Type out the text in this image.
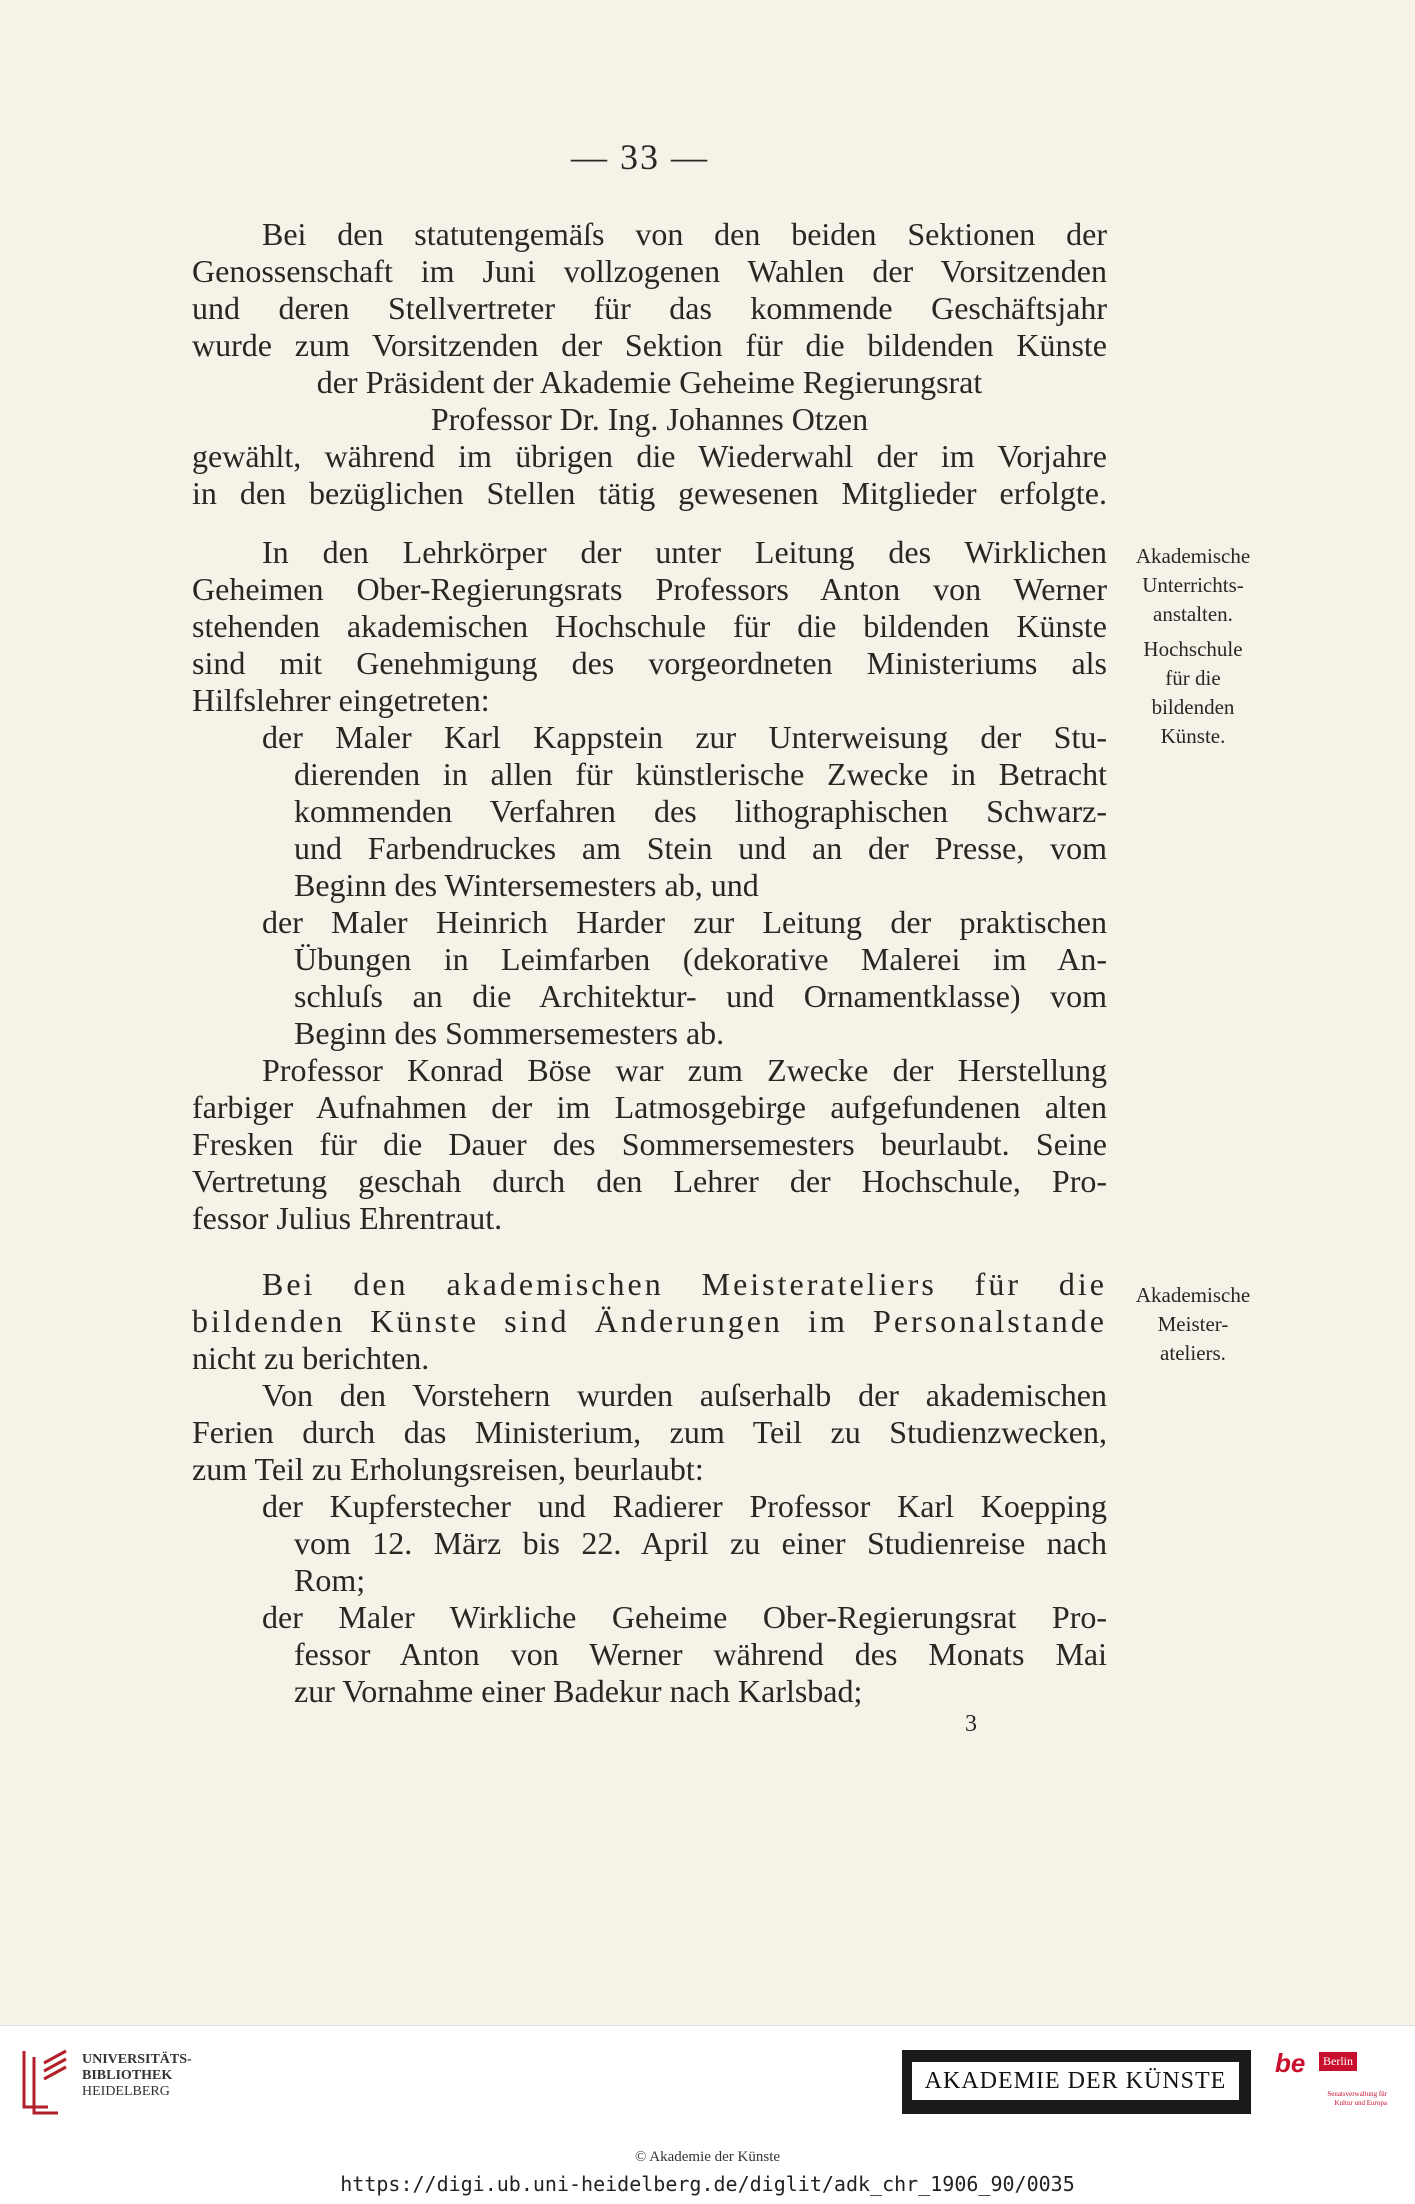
— 33 —
Bei den statutengemäſs von den beiden Sektionen der
Genossenschaft im Juni vollzogenen Wahlen der Vorsitzenden
und deren Stellvertreter für das kommende Geschäftsjahr
wurde zum Vorsitzenden der Sektion für die bildenden Künste
der Präsident der Akademie Geheime Regierungsrat
Professor Dr. Ing. Johannes Otzen
gewählt, während im übrigen die Wiederwahl der im Vorjahre
in den bezüglichen Stellen tätig gewesenen Mitglieder erfolgte.
In den Lehrkörper der unter Leitung des Wirklichen
Geheimen Ober-Regierungsrats Professors Anton von Werner
stehenden akademischen Hochschule für die bildenden Künste
sind mit Genehmigung des vorgeordneten Ministeriums als
Hilfslehrer eingetreten:
der Maler Karl Kappstein zur Unterweisung der Stu-
dierenden in allen für künstlerische Zwecke in Betracht
kommenden Verfahren des lithographischen Schwarz-
und Farbendruckes am Stein und an der Presse, vom
Beginn des Wintersemesters ab, und
der Maler Heinrich Harder zur Leitung der praktischen
Übungen in Leimfarben (dekorative Malerei im An-
schluſs an die Architektur- und Ornamentklasse) vom
Beginn des Sommersemesters ab.
Professor Konrad Böse war zum Zwecke der Herstellung
farbiger Aufnahmen der im Latmosgebirge aufgefundenen alten
Fresken für die Dauer des Sommersemesters beurlaubt. Seine
Vertretung geschah durch den Lehrer der Hochschule, Pro-
fessor Julius Ehrentraut.
Bei den akademischen Meisterateliers für die
bildenden Künste sind Änderungen im Personalstande
nicht zu berichten.
Von den Vorstehern wurden auſserhalb der akademischen
Ferien durch das Ministerium, zum Teil zu Studienzwecken,
zum Teil zu Erholungsreisen, beurlaubt:
der Kupferstecher und Radierer Professor Karl Koepping
vom 12. März bis 22. April zu einer Studienreise nach
Rom;
der Maler Wirkliche Geheime Ober-Regierungsrat Pro-
fessor Anton von Werner während des Monats Mai
zur Vornahme einer Badekur nach Karlsbad;
Akademische
Unterrichts-
anstalten.
Hochschule
für die
bildenden
Künste.
Akademische
Meister-
ateliers.
3
UNIVERSITÄTS-
BIBLIOTHEK
HEIDELBERG	AKADEMIE DER KÜNSTE
be	Berlin
Senatsverwaltung für Kultur und Europa
© Akademie der Künste
https://digi.ub.uni-heidelberg.de/diglit/adk_chr_1906_90/0035
